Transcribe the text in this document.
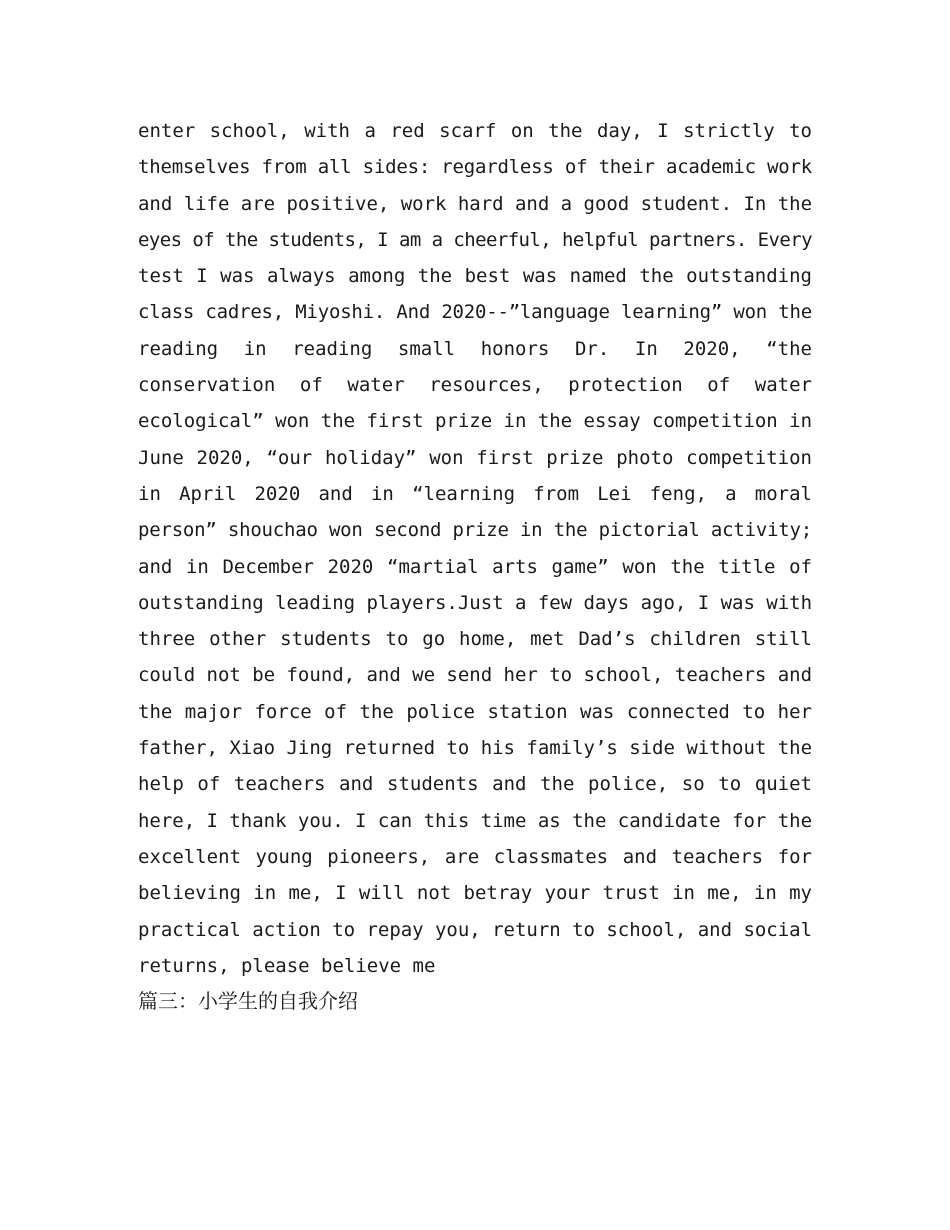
enter school, with a red scarf on the day, I strictly to
themselves from all sides: regardless of their academic work
and life are positive, work hard and a good student. In the
eyes of the students, I am a cheerful, helpful partners. Every
test I was always among the best was named the outstanding
class cadres, Miyoshi. And 2020--”language learning” won the
reading in reading small honors Dr. In 2020, “the
conservation of water resources, protection of water
ecological” won the first prize in the essay competition in
June 2020, “our holiday” won first prize photo competition
in April 2020 and in “learning from Lei feng, a moral
person” shouchao won second prize in the pictorial activity;
and in December 2020 “martial arts game” won the title of
outstanding leading players.Just a few days ago, I was with
three other students to go home, met Dad’s children still
could not be found, and we send her to school, teachers and
the major force of the police station was connected to her
father, Xiao Jing returned to his family’s side without the
help of teachers and students and the police, so to quiet
here, I thank you. I can this time as the candidate for the
excellent young pioneers, are classmates and teachers for
believing in me, I will not betray your trust in me, in my
practical action to repay you, return to school, and social
returns, please believe me
篇三：小学生的自我介绍
